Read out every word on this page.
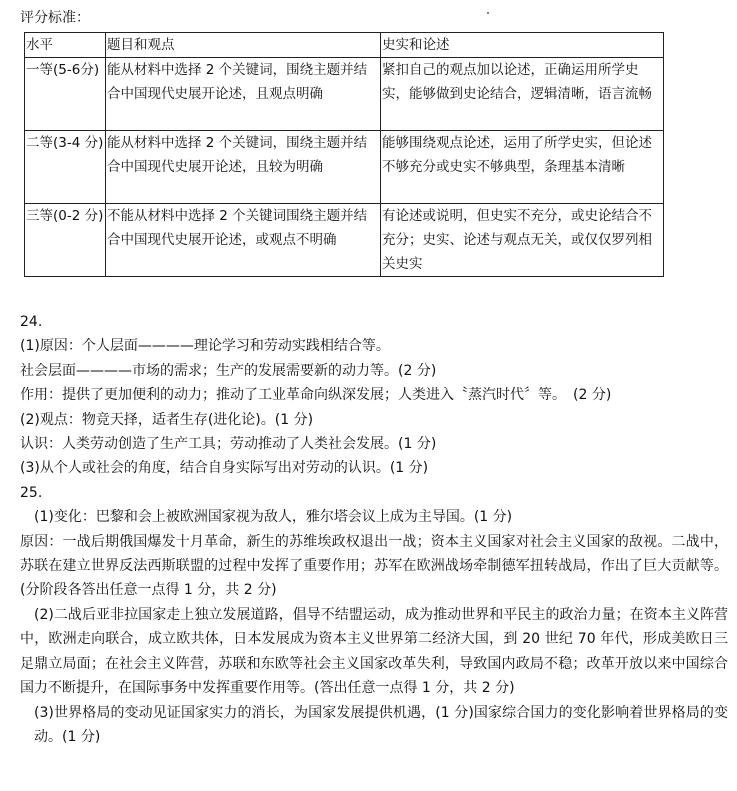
评分标准：
水平	题目和观点	史实和论述
一等(5-6分)	能从材料中选择 2 个关键词，围绕主题并结合中国现代史展开论述，且观点明确	紧扣自己的观点加以论述，正确运用所学史实，能够做到史论结合，逻辑清晰，语言流畅
二等(3-4 分)	能从材料中选择 2 个关键词，围绕主题并结合中国现代史展开论述，且较为明确	能够围绕观点论述，运用了所学史实，但论述不够充分或史实不够典型，条理基本清晰
三等(0-2 分)	不能从材料中选择 2 个关键词围绕主题并结合中国现代史展开论述，或观点不明确	有论述或说明，但史实不充分，或史论结合不充分；史实、论述与观点无关，或仅仅罗列相关史实
24.
(1)原因：个人层面————理论学习和劳动实践相结合等。
社会层面————市场的需求；生产的发展需要新的动力等。(2 分)
作用：提供了更加便利的动力；推动了工业革命向纵深发展；人类进入〝蒸汽时代〞等。　(2 分)
(2)观点：物竞天择，适者生存(进化论)。(1 分)
认识：人类劳动创造了生产工具；劳动推动了人类社会发展。(1 分)
(3)从个人或社会的角度，结合自身实际写出对劳动的认识。(1 分)
25.
(1)变化：巴黎和会上被欧洲国家视为敌人，雅尔塔会议上成为主导国。(1 分)
原因：一战后期俄国爆发十月革命，新生的苏维埃政权退出一战；资本主义国家对社会主义国家的敌视。二战中，苏联在建立世界反法西斯联盟的过程中发挥了重要作用；苏军在欧洲战场牵制德军扭转战局，作出了巨大贡献等。(分阶段各答出任意一点得 1 分，共 2 分)
(2)二战后亚非拉国家走上独立发展道路，倡导不结盟运动，成为推动世界和平民主的政治力量；在资本主义阵营中，欧洲走向联合，成立欧共体，日本发展成为资本主义世界第二经济大国，到 20 世纪 70 年代，形成美欧日三足鼎立局面；在社会主义阵营，苏联和东欧等社会主义国家改革失利，导致国内政局不稳；改革开放以来中国综合国力不断提升，在国际事务中发挥重要作用等。(答出任意一点得 1 分，共 2 分)
(3)世界格局的变动见证国家实力的消长，为国家发展提供机遇，(1 分)国家综合国力的变化影响着世界格局的变动。(1 分)
